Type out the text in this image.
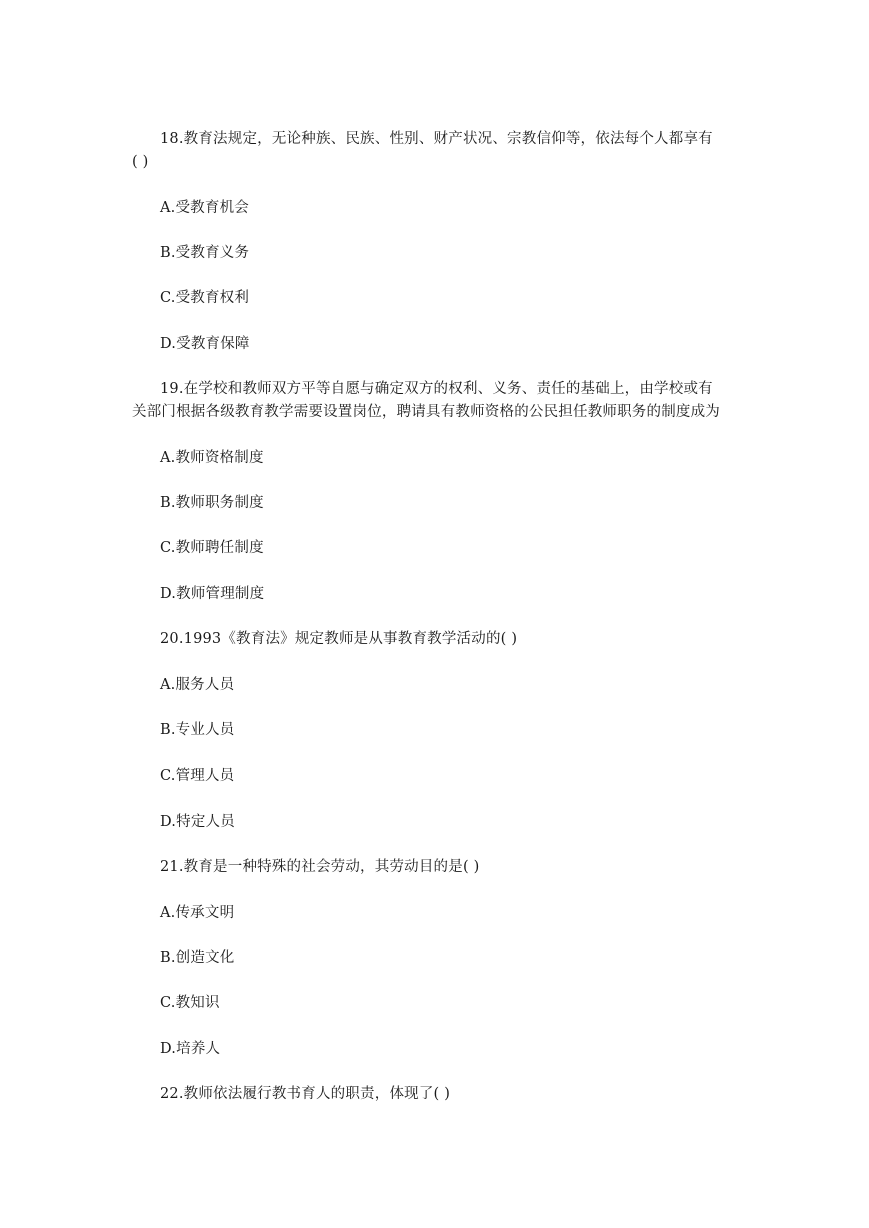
18.教育法规定，无论种族、民族、性别、财产状况、宗教信仰等，依法每个人都享有
( )
A.受教育机会
B.受教育义务
C.受教育权利
D.受教育保障
19.在学校和教师双方平等自愿与确定双方的权利、义务、责任的基础上，由学校或有
关部门根据各级教育教学需要设置岗位，聘请具有教师资格的公民担任教师职务的制度成为
A.教师资格制度
B.教师职务制度
C.教师聘任制度
D.教师管理制度
20.1993《教育法》规定教师是从事教育教学活动的( )
A.服务人员
B.专业人员
C.管理人员
D.特定人员
21.教育是一种特殊的社会劳动，其劳动目的是( )
A.传承文明
B.创造文化
C.教知识
D.培养人
22.教师依法履行教书育人的职责，体现了( )
